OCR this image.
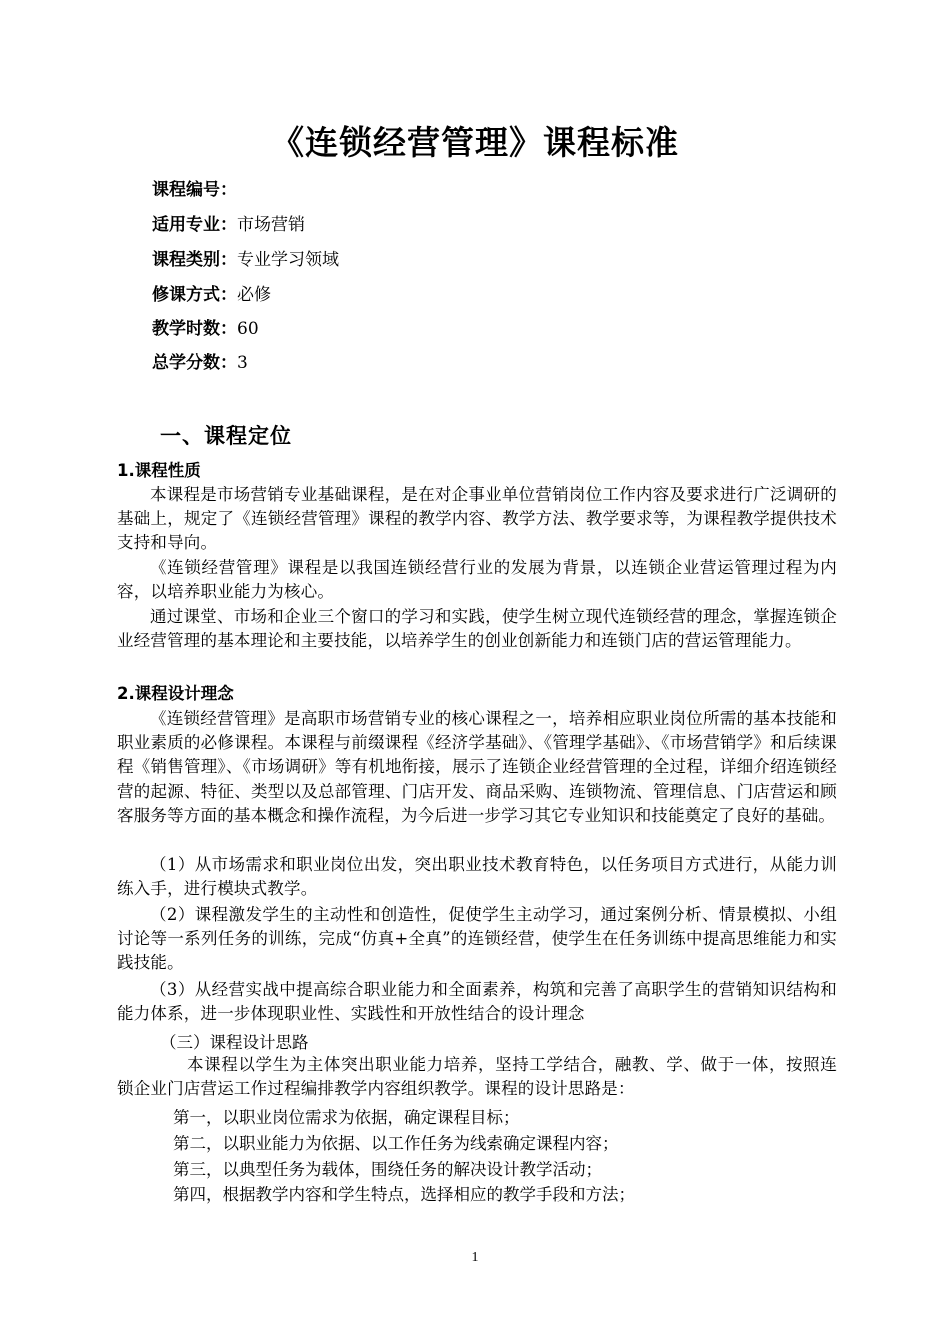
《连锁经营管理》课程标准
课程编号：
适用专业：市场营销
课程类别：专业学习领域
修课方式：必修
教学时数：60
总学分数：3
一、课程定位
1.课程性质
本课程是市场营销专业基础课程，是在对企事业单位营销岗位工作内容及要求进行广泛调研的基础上，规定了《连锁经营管理》课程的教学内容、教学方法、教学要求等，为课程教学提供技术支持和导向。
《连锁经营管理》课程是以我国连锁经营行业的发展为背景，以连锁企业营运管理过程为内容，以培养职业能力为核心。
通过课堂、市场和企业三个窗口的学习和实践，使学生树立现代连锁经营的理念，掌握连锁企业经营管理的基本理论和主要技能，以培养学生的创业创新能力和连锁门店的营运管理能力。
2.课程设计理念
《连锁经营管理》是高职市场营销专业的核心课程之一，培养相应职业岗位所需的基本技能和职业素质的必修课程。本课程与前缀课程《经济学基础》、《管理学基础》、《市场营销学》和后续课程《销售管理》、《市场调研》等有机地衔接，展示了连锁企业经营管理的全过程，详细介绍连锁经营的起源、特征、类型以及总部管理、门店开发、商品采购、连锁物流、管理信息、门店营运和顾客服务等方面的基本概念和操作流程，为今后进一步学习其它专业知识和技能奠定了良好的基础。
（1）从市场需求和职业岗位出发，突出职业技术教育特色，以任务项目方式进行，从能力训练入手，进行模块式教学。
（2）课程激发学生的主动性和创造性，促使学生主动学习，通过案例分析、情景模拟、小组讨论等一系列任务的训练，完成“仿真+全真”的连锁经营，使学生在任务训练中提高思维能力和实践技能。
（3）从经营实战中提高综合职业能力和全面素养，构筑和完善了高职学生的营销知识结构和能力体系，进一步体现职业性、实践性和开放性结合的设计理念
（三）课程设计思路
本课程以学生为主体突出职业能力培养，坚持工学结合，融教、学、做于一体，按照连锁企业门店营运工作过程编排教学内容组织教学。课程的设计思路是：
第一，以职业岗位需求为依据，确定课程目标；
第二，以职业能力为依据、以工作任务为线索确定课程内容；
第三，以典型任务为载体，围绕任务的解决设计教学活动；
第四，根据教学内容和学生特点，选择相应的教学手段和方法；
1
